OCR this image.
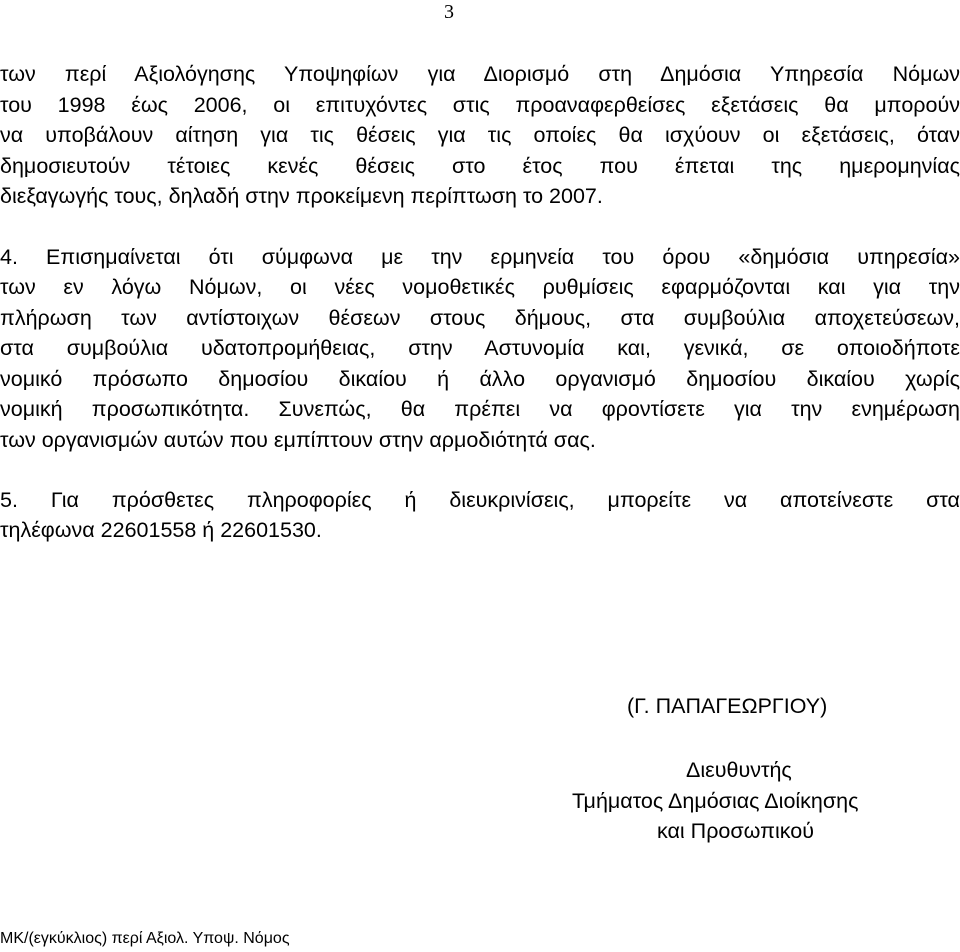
3
των περί Αξιολόγησης Υποψηφίων για Διορισμό στη Δημόσια Υπηρεσία Νόμων
του 1998 έως 2006, οι επιτυχόντες στις προαναφερθείσες εξετάσεις θα μπορούν
να υποβάλουν αίτηση για τις θέσεις για τις οποίες θα ισχύουν οι εξετάσεις, όταν
δημοσιευτούν τέτοιες κενές θέσεις στο έτος που έπεται της ημερομηνίας
διεξαγωγής τους, δηλαδή στην προκείμενη περίπτωση το 2007.
4. Επισημαίνεται ότι σύμφωνα με την ερμηνεία του όρου «δημόσια υπηρεσία»
των εν λόγω Νόμων, οι νέες νομοθετικές ρυθμίσεις εφαρμόζονται και για την
πλήρωση των αντίστοιχων θέσεων στους δήμους, στα συμβούλια αποχετεύσεων,
στα συμβούλια υδατοπρομήθειας, στην Αστυνομία και, γενικά, σε οποιοδήποτε
νομικό πρόσωπο δημοσίου δικαίου ή άλλο οργανισμό δημοσίου δικαίου χωρίς
νομική προσωπικότητα. Συνεπώς, θα πρέπει να φροντίσετε για την ενημέρωση
των οργανισμών αυτών που εμπίπτουν στην αρμοδιότητά σας.
5. Για πρόσθετες πληροφορίες ή διευκρινίσεις, μπορείτε να αποτείνεστε στα
τηλέφωνα 22601558 ή 22601530.
(Γ. ΠΑΠΑΓΕΩΡΓΙΟΥ)
Διευθυντής
Τμήματος Δημόσιας Διοίκησης
και Προσωπικού
ΜΚ/(εγκύκλιος) περί Αξιολ. Υποψ. Νόμος
